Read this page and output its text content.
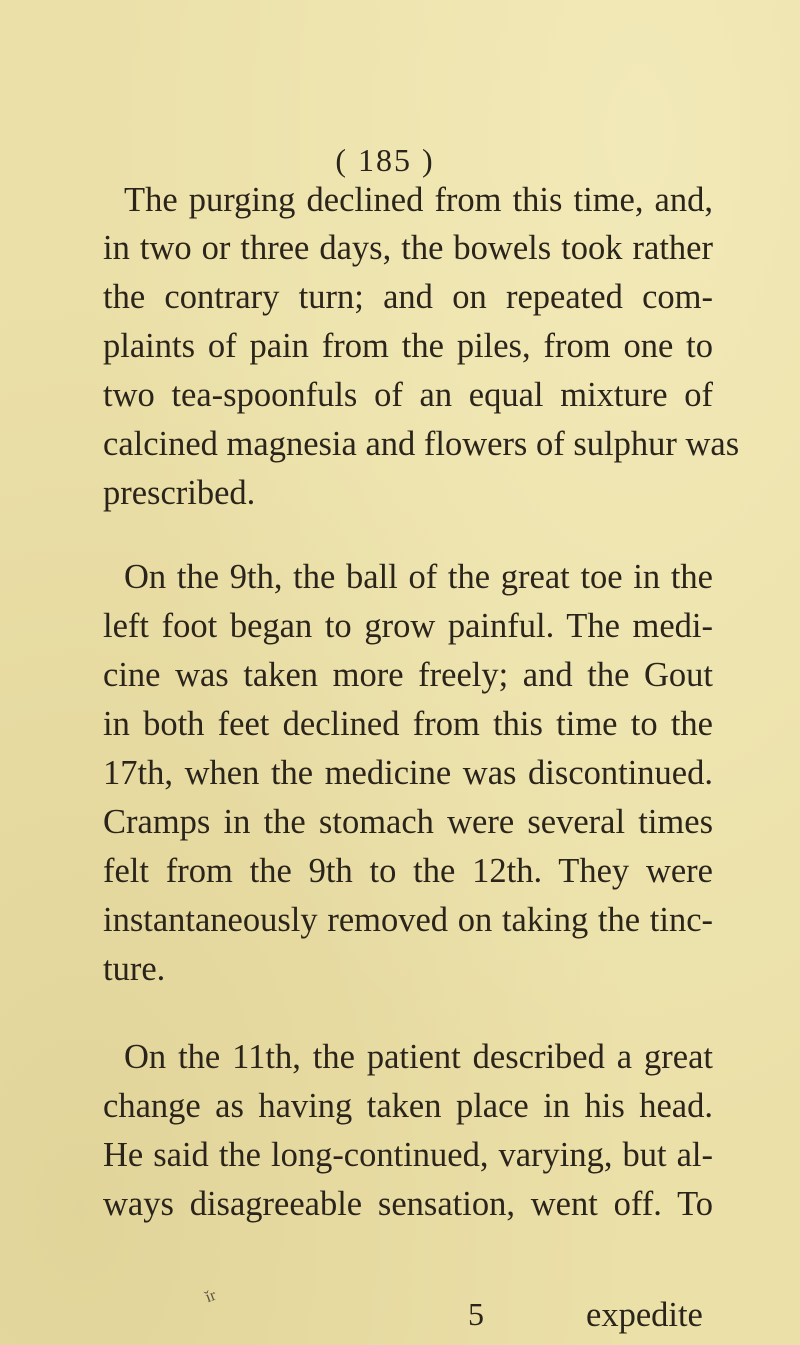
( 185 )
The purging declined from this time, and,
in two or three days, the bowels took rather
the contrary turn; and on repeated com-
plaints of pain from the piles, from one to
two tea-spoonfuls of an equal mixture of
calcined magnesia and flowers of sulphur was
prescribed.
On the 9th, the ball of the great toe in the
left foot began to grow painful. The medi-
cine was taken more freely; and the Gout
in both feet declined from this time to the
17th, when the medicine was discontinued.
Cramps in the stomach were several times
felt from the 9th to the 12th. They were
instantaneously removed on taking the tinc-
ture.
On the 11th, the patient described a great
change as having taken place in his head.
He said the long-continued, varying, but al-
ways disagreeable sensation, went off. To
ǐr	5	expedite
